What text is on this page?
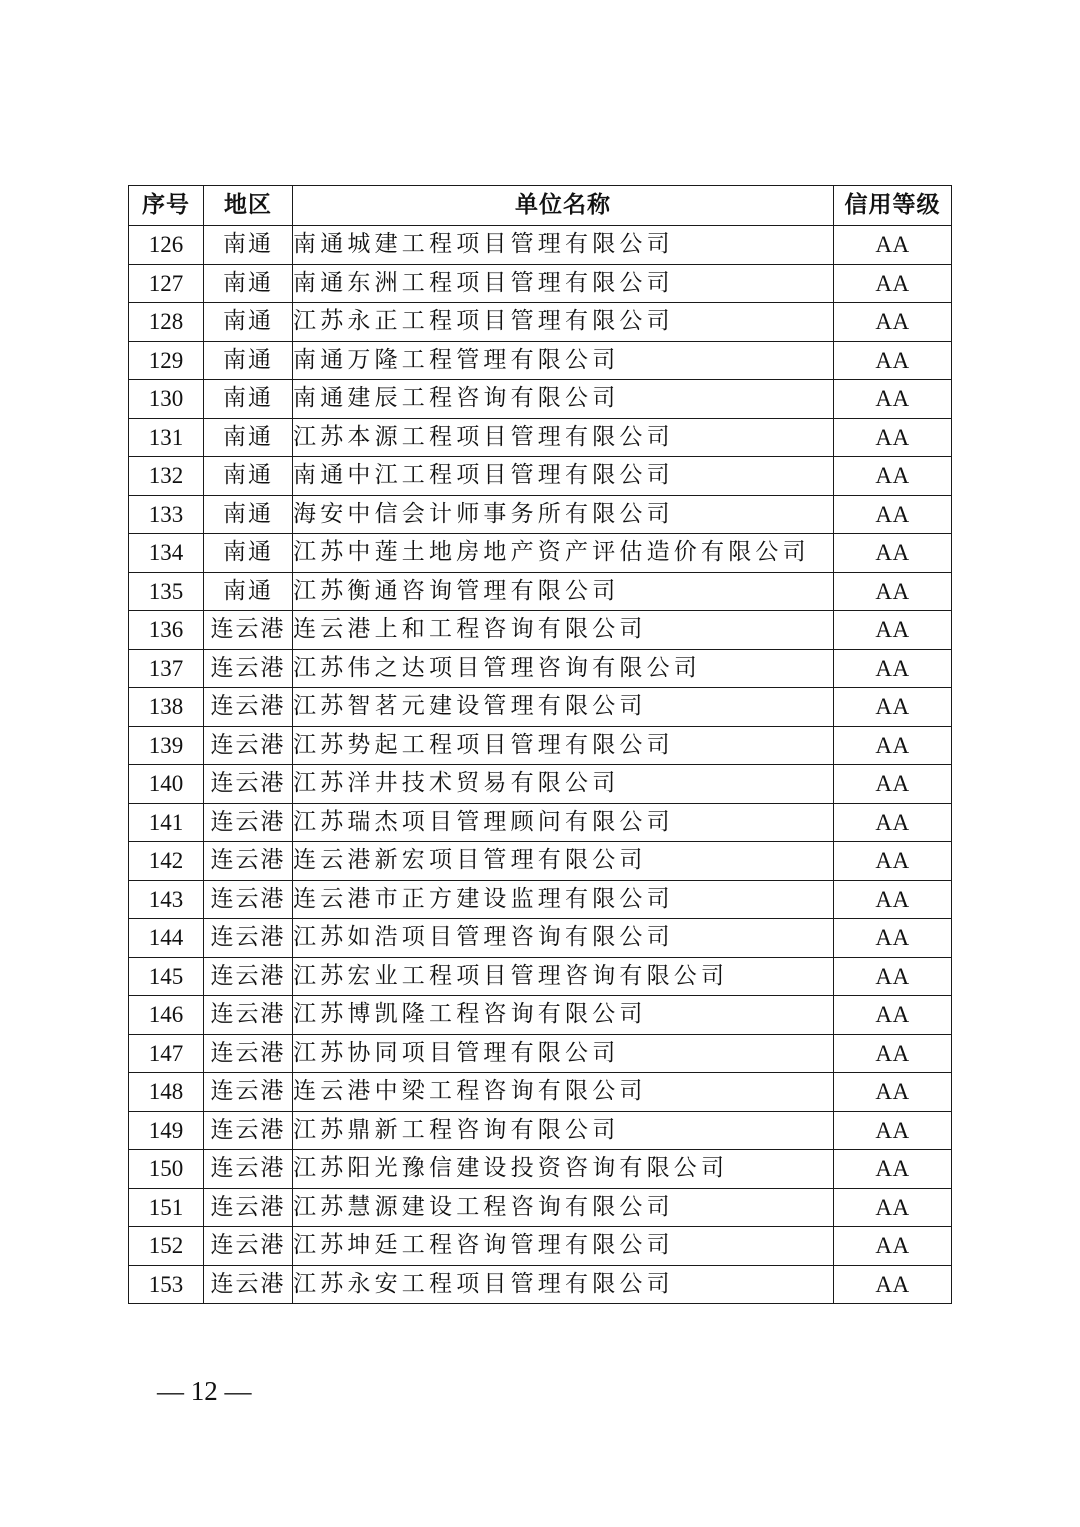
序号	地区	单位名称	信用等级
126	南通	南通城建工程项目管理有限公司	AA
127	南通	南通东洲工程项目管理有限公司	AA
128	南通	江苏永正工程项目管理有限公司	AA
129	南通	南通万隆工程管理有限公司	AA
130	南通	南通建辰工程咨询有限公司	AA
131	南通	江苏本源工程项目管理有限公司	AA
132	南通	南通中江工程项目管理有限公司	AA
133	南通	海安中信会计师事务所有限公司	AA
134	南通	江苏中莲土地房地产资产评估造价有限公司	AA
135	南通	江苏衡通咨询管理有限公司	AA
136	连云港	连云港上和工程咨询有限公司	AA
137	连云港	江苏伟之达项目管理咨询有限公司	AA
138	连云港	江苏智茗元建设管理有限公司	AA
139	连云港	江苏势起工程项目管理有限公司	AA
140	连云港	江苏洋井技术贸易有限公司	AA
141	连云港	江苏瑞杰项目管理顾问有限公司	AA
142	连云港	连云港新宏项目管理有限公司	AA
143	连云港	连云港市正方建设监理有限公司	AA
144	连云港	江苏如浩项目管理咨询有限公司	AA
145	连云港	江苏宏业工程项目管理咨询有限公司	AA
146	连云港	江苏博凯隆工程咨询有限公司	AA
147	连云港	江苏协同项目管理有限公司	AA
148	连云港	连云港中梁工程咨询有限公司	AA
149	连云港	江苏鼎新工程咨询有限公司	AA
150	连云港	江苏阳光豫信建设投资咨询有限公司	AA
151	连云港	江苏慧源建设工程咨询有限公司	AA
152	连云港	江苏坤廷工程咨询管理有限公司	AA
153	连云港	江苏永安工程项目管理有限公司	AA
— 12 —
